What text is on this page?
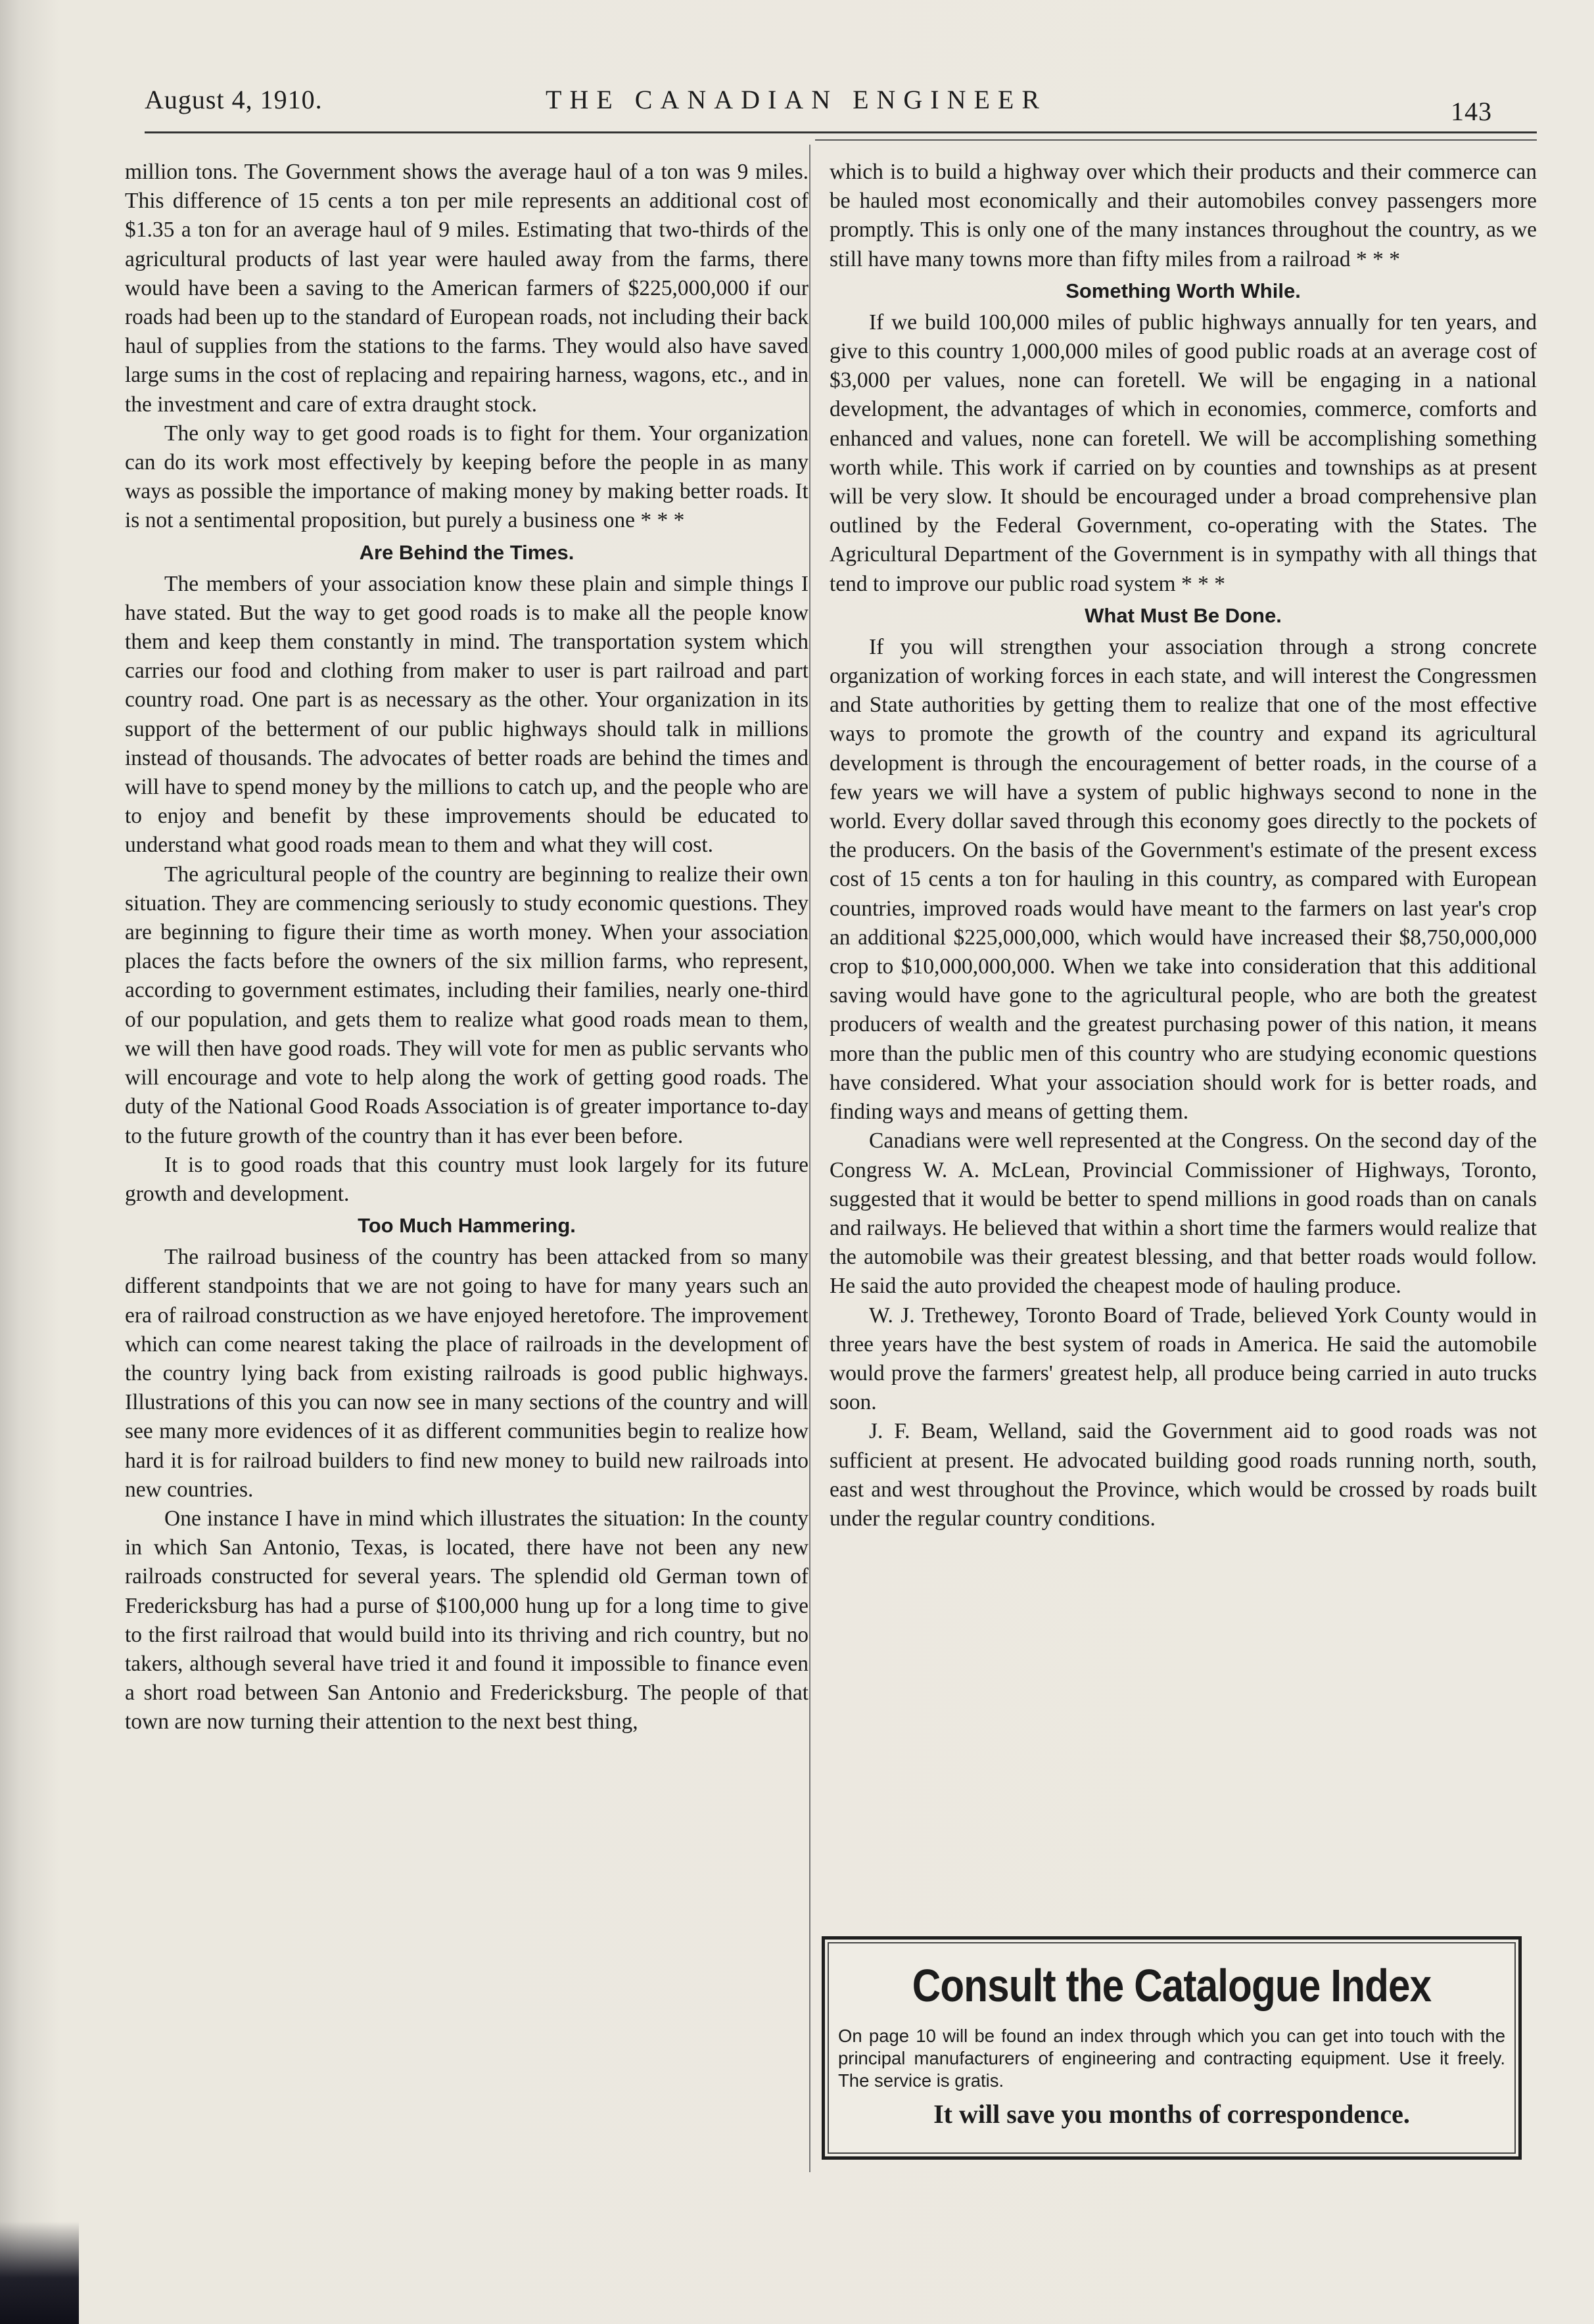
August 4, 1910.	THE CANADIAN ENGINEER	143

million tons. The Government shows the average haul of a ton was 9 miles. This difference of 15 cents a ton per mile represents an additional cost of $1.35 a ton for an average haul of 9 miles. Estimating that two-thirds of the agricultural products of last year were hauled away from the farms, there would have been a saving to the American farmers of $225,000,000 if our roads had been up to the standard of European roads, not including their back haul of supplies from the stations to the farms. They would also have saved large sums in the cost of replacing and repairing harness, wagons, etc., and in the investment and care of extra draught stock.

The only way to get good roads is to fight for them. Your organization can do its work most effectively by keeping before the people in as many ways as possible the importance of making money by making better roads. It is not a sentimental proposition, but purely a business one * * *

Are Behind the Times.

The members of your association know these plain and simple things I have stated. But the way to get good roads is to make all the people know them and keep them constantly in mind. The transportation system which carries our food and clothing from maker to user is part railroad and part country road. One part is as necessary as the other. Your organization in its support of the betterment of our public highways should talk in millions instead of thousands. The advocates of better roads are behind the times and will have to spend money by the millions to catch up, and the people who are to enjoy and benefit by these improvements should be educated to understand what good roads mean to them and what they will cost.

The agricultural people of the country are beginning to realize their own situation. They are commencing seriously to study economic questions. They are beginning to figure their time as worth money. When your association places the facts before the owners of the six million farms, who represent, according to government estimates, including their families, nearly one-third of our population, and gets them to realize what good roads mean to them, we will then have good roads. They will vote for men as public servants who will encourage and vote to help along the work of getting good roads. The duty of the National Good Roads Association is of greater importance to-day to the future growth of the country than it has ever been before.

It is to good roads that this country must look largely for its future growth and development.

Too Much Hammering.

The railroad business of the country has been attacked from so many different standpoints that we are not going to have for many years such an era of railroad construction as we have enjoyed heretofore. The improvement which can come nearest taking the place of railroads in the development of the country lying back from existing railroads is good public highways. Illustrations of this you can now see in many sections of the country and will see many more evidences of it as different communities begin to realize how hard it is for railroad builders to find new money to build new railroads into new countries.

One instance I have in mind which illustrates the situation: In the county in which San Antonio, Texas, is located, there have not been any new railroads constructed for several years. The splendid old German town of Fredericksburg has had a purse of $100,000 hung up for a long time to give to the first railroad that would build into its thriving and rich country, but no takers, although several have tried it and found it impossible to finance even a short road between San Antonio and Fredericksburg. The people of that town are now turning their attention to the next best thing,

which is to build a highway over which their products and their commerce can be hauled most economically and their automobiles convey passengers more promptly. This is only one of the many instances throughout the country, as we still have many towns more than fifty miles from a railroad * * *

Something Worth While.

If we build 100,000 miles of public highways annually for ten years, and give to this country 1,000,000 miles of good public roads at an average cost of $3,000 per values, none can foretell. We will be engaging in a national development, the advantages of which in economies, commerce, comforts and enhanced and values, none can foretell. We will be accomplishing something worth while. This work if carried on by counties and townships as at present will be very slow. It should be encouraged under a broad comprehensive plan outlined by the Federal Government, co-operating with the States. The Agricultural Department of the Government is in sympathy with all things that tend to improve our public road system * * *

What Must Be Done.

If you will strengthen your association through a strong concrete organization of working forces in each state, and will interest the Congressmen and State authorities by getting them to realize that one of the most effective ways to promote the growth of the country and expand its agricultural development is through the encouragement of better roads, in the course of a few years we will have a system of public highways second to none in the world. Every dollar saved through this economy goes directly to the pockets of the producers. On the basis of the Government's estimate of the present excess cost of 15 cents a ton for hauling in this country, as compared with European countries, improved roads would have meant to the farmers on last year's crop an additional $225,000,000, which would have increased their $8,750,000,000 crop to $10,000,000,000. When we take into consideration that this additional saving would have gone to the agricultural people, who are both the greatest producers of wealth and the greatest purchasing power of this nation, it means more than the public men of this country who are studying economic questions have considered. What your association should work for is better roads, and finding ways and means of getting them.

Canadians were well represented at the Congress. On the second day of the Congress W. A. McLean, Provincial Commissioner of Highways, Toronto, suggested that it would be better to spend millions in good roads than on canals and railways. He believed that within a short time the farmers would realize that the automobile was their greatest blessing, and that better roads would follow. He said the auto provided the cheapest mode of hauling produce.

W. J. Trethewey, Toronto Board of Trade, believed York County would in three years have the best system of roads in America. He said the automobile would prove the farmers' greatest help, all produce being carried in auto trucks soon.

J. F. Beam, Welland, said the Government aid to good roads was not sufficient at present. He advocated building good roads running north, south, east and west throughout the Province, which would be crossed by roads built under the regular country conditions.

Consult the Catalogue Index
On page 10 will be found an index through which you can get into touch with the principal manufacturers of engineering and contracting equipment. Use it freely. The service is gratis.
It will save you months of correspondence.
